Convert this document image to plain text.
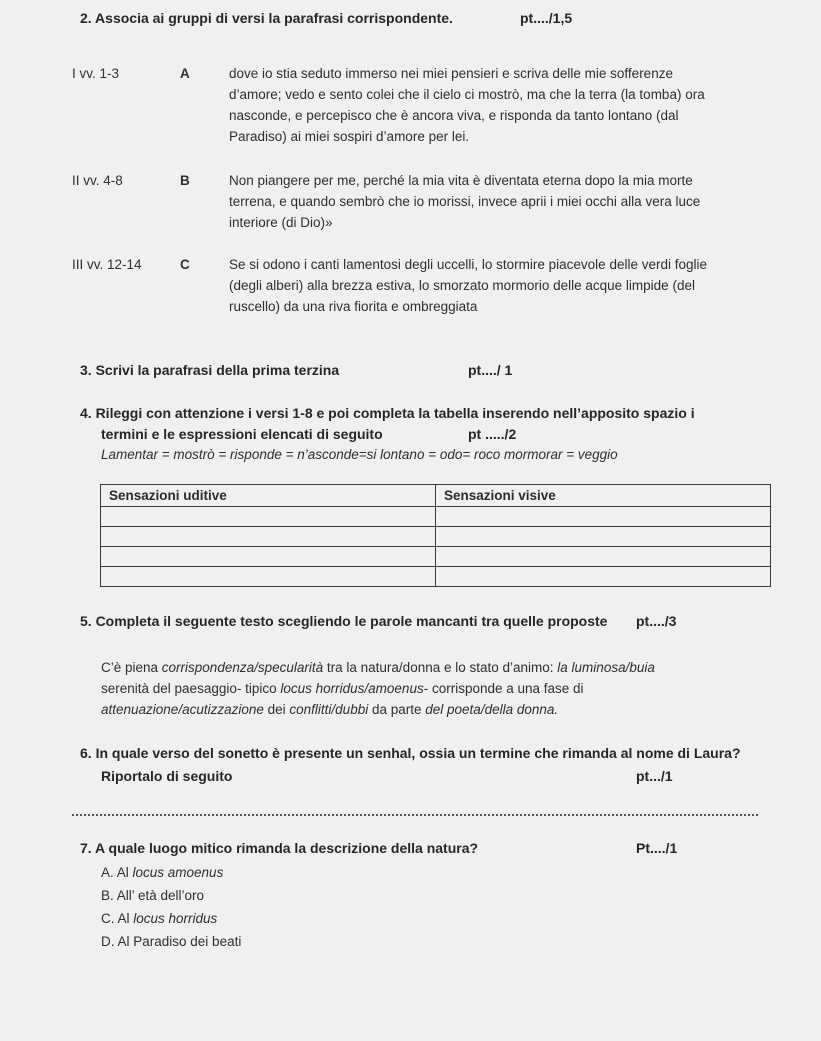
2. Associa ai gruppi di versi la parafrasi corrispondente.	pt..../1,5
I vv. 1-3	A	dove io stia seduto immerso nei miei pensieri e scriva delle mie sofferenze
d’amore; vedo e sento colei che il cielo ci mostrò, ma che la terra (la tomba) ora
nasconde, e percepisco che è ancora viva, e risponda da tanto lontano (dal
Paradiso) ai miei sospiri d’amore per lei.
II vv. 4-8	B	Non piangere per me, perché la mia vita è diventata eterna dopo la mia morte
terrena, e quando sembrò che io morissi, invece aprii i miei occhi alla vera luce
interiore (di Dio)»
III vv. 12-14	C	Se si odono i canti lamentosi degli uccelli, lo stormire piacevole delle verdi foglie
(degli alberi) alla brezza estiva, lo smorzato mormorio delle acque limpide (del
ruscello) da una riva fiorita e ombreggiata
3. Scrivi la parafrasi della prima terzina	pt..../ 1
4. Rileggi con attenzione i versi 1-8 e poi completa la tabella inserendo nell’apposito spazio i
termini e le espressioni elencati di seguito	pt ...../2
Lamentar = mostrò = risponde = n’asconde=si lontano = odo= roco mormorar = veggio
Sensazioni uditive	Sensazioni visive

5. Completa il seguente testo scegliendo le parole mancanti tra quelle proposte pt..../3
C’è piena corrispondenza/specularità tra la natura/donna e lo stato d’animo: la luminosa/buia
serenità del paesaggio- tipico locus horridus/amoenus- corrisponde a una fase di
attenuazione/acutizzazione dei conflitti/dubbi da parte del poeta/della donna.
6. In quale verso del sonetto è presente un senhal, ossia un termine che rimanda al nome di Laura?
Riportalo di seguito	pt.../1
7. A quale luogo mitico rimanda la descrizione della natura?	Pt..../1
A. Al locus amoenus
B. All’ età dell’oro
C. Al locus horridus
D. Al Paradiso dei beati
